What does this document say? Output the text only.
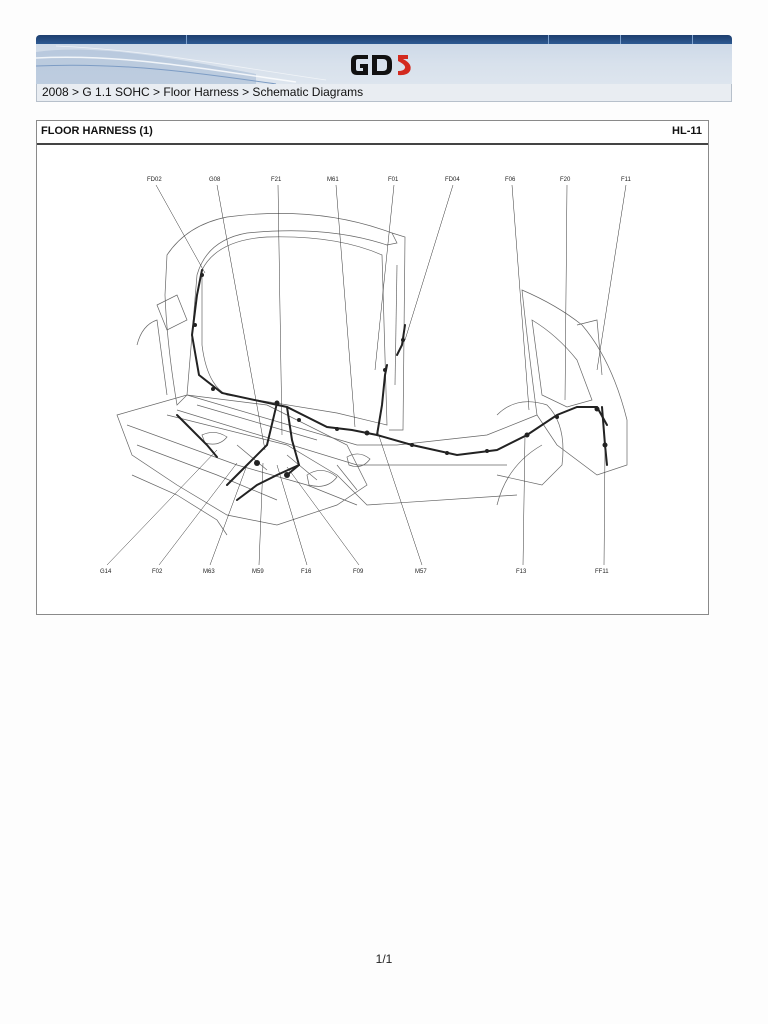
2008 > G 1.1 SOHC > Floor Harness > Schematic Diagrams
FLOOR HARNESS (1)	HL-11
FD02	G08	F21	M61	F01	FD04	F06	F20	F11
G14	F02	M63	M59	F16	F09	M57	F13	FF11
1/1
